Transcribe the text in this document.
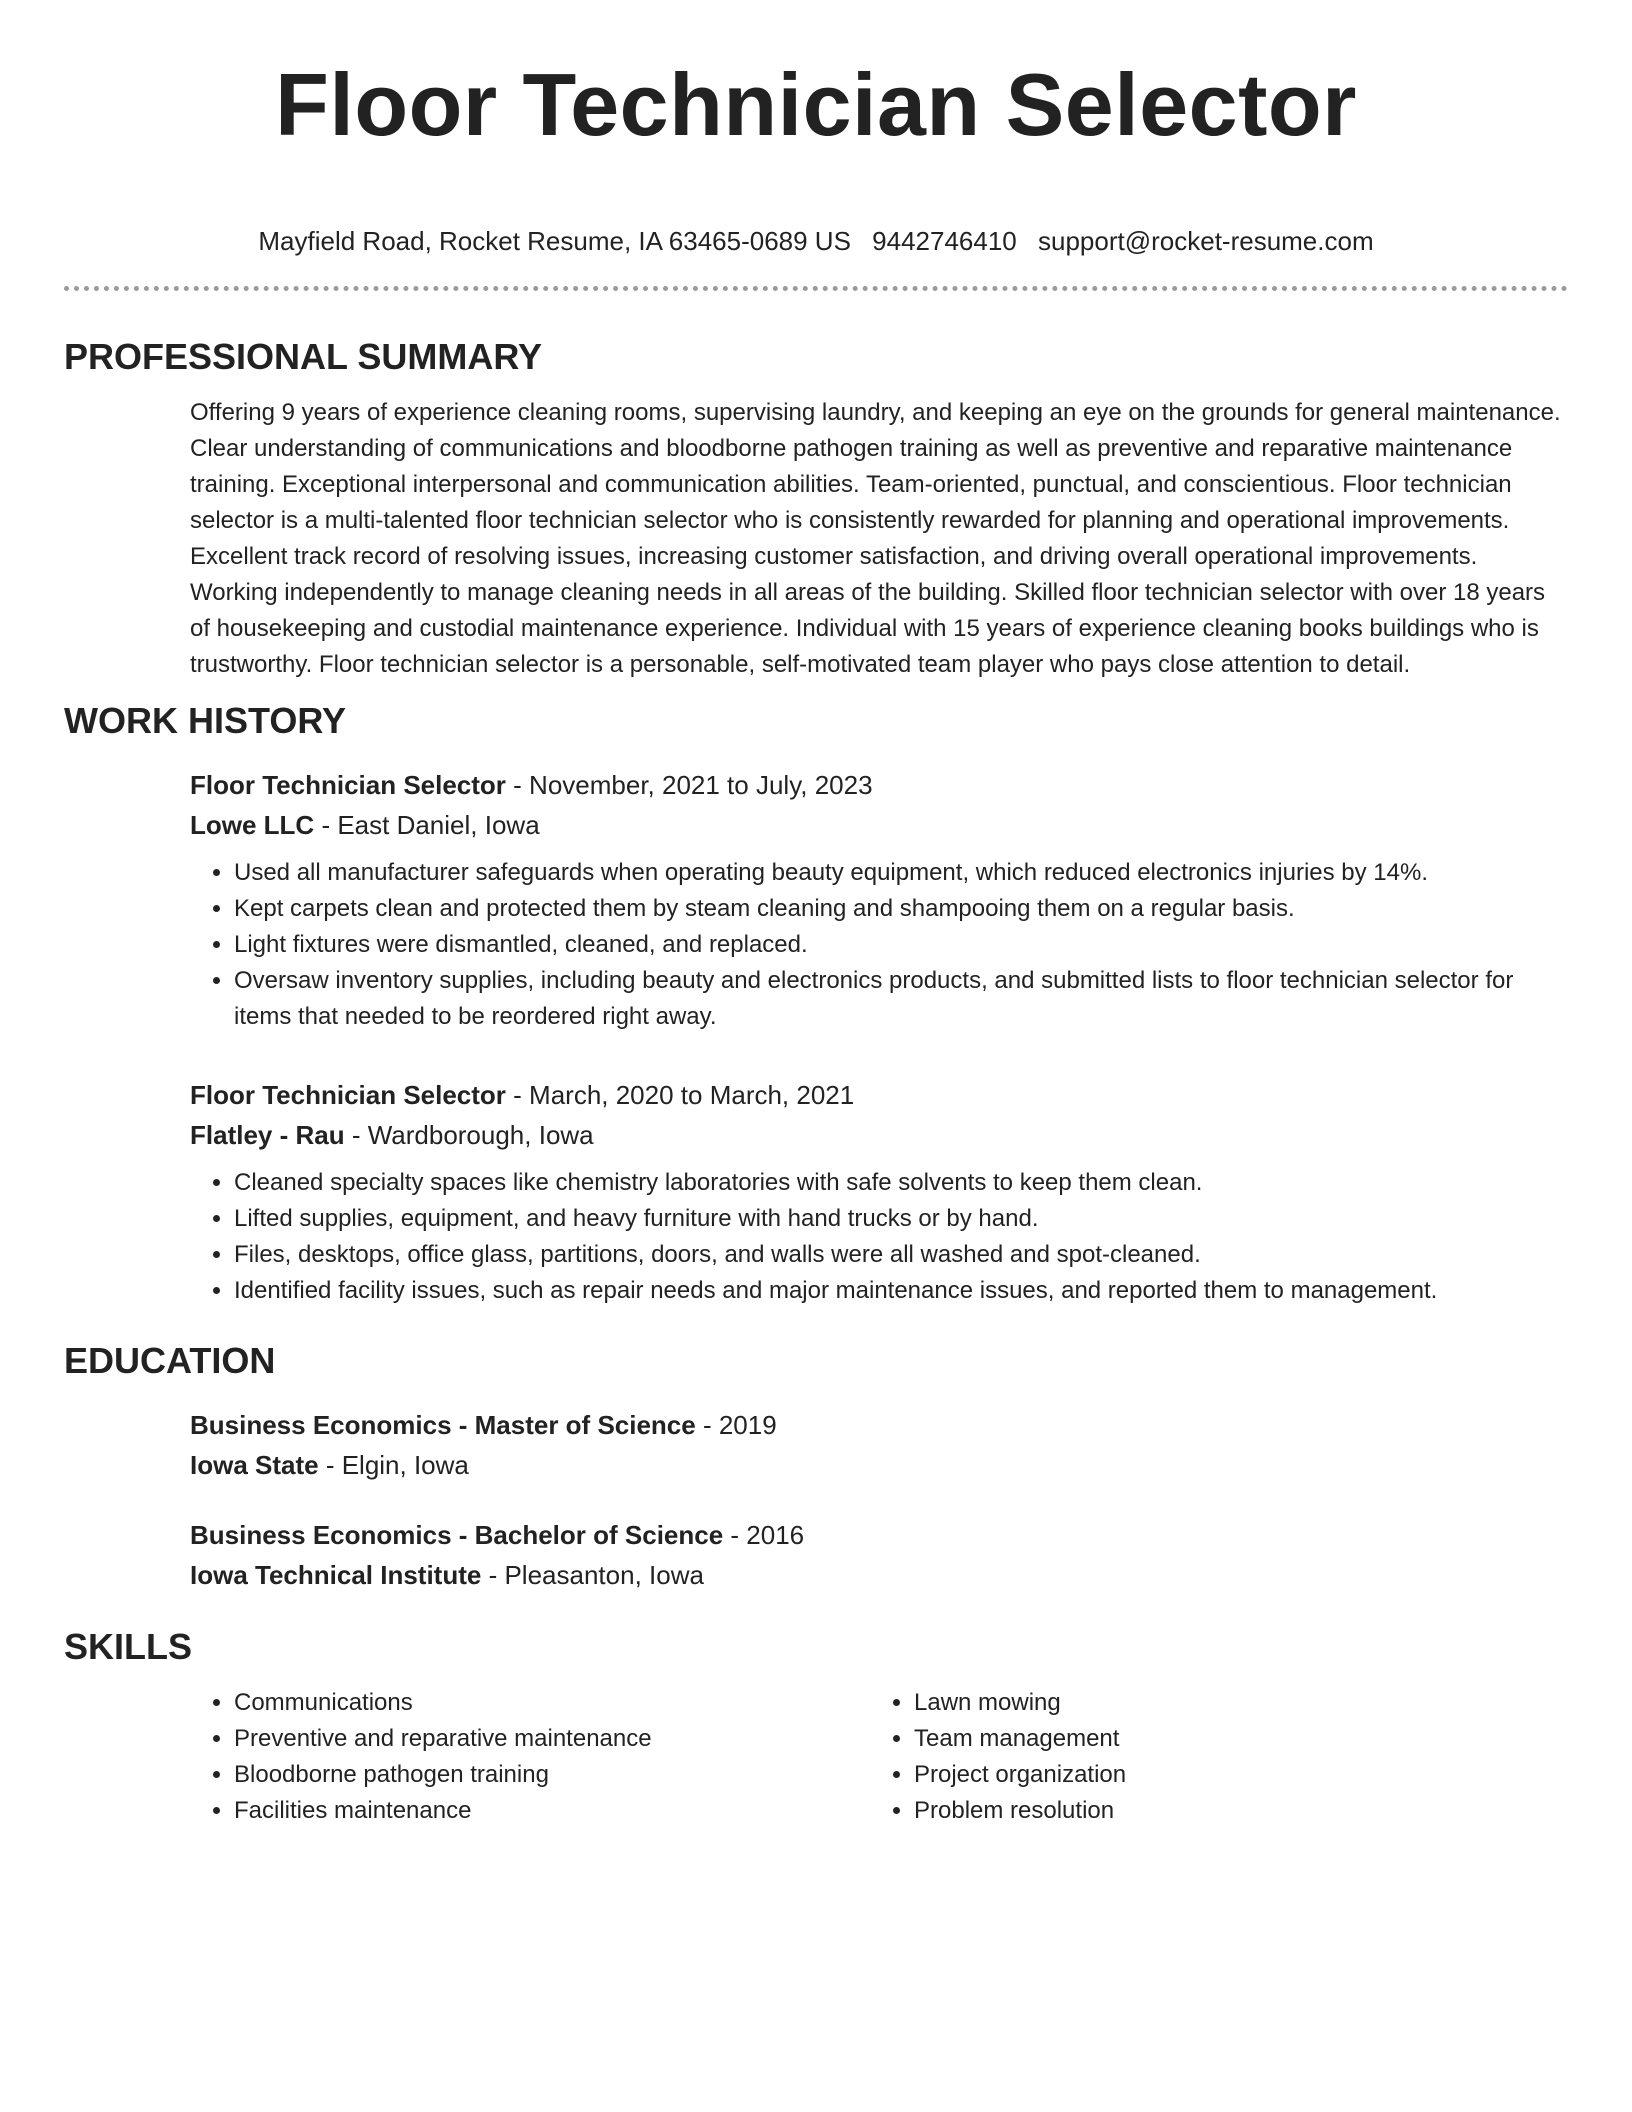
Floor Technician Selector
Mayfield Road, Rocket Resume, IA 63465-0689 US 9442746410 support@rocket-resume.com
PROFESSIONAL SUMMARY
Offering 9 years of experience cleaning rooms, supervising laundry, and keeping an eye on the grounds for general maintenance. Clear understanding of communications and bloodborne pathogen training as well as preventive and reparative maintenance training. Exceptional interpersonal and communication abilities. Team-oriented, punctual, and conscientious. Floor technician selector is a multi-talented floor technician selector who is consistently rewarded for planning and operational improvements. Excellent track record of resolving issues, increasing customer satisfaction, and driving overall operational improvements. Working independently to manage cleaning needs in all areas of the building. Skilled floor technician selector with over 18 years of housekeeping and custodial maintenance experience. Individual with 15 years of experience cleaning books buildings who is trustworthy. Floor technician selector is a personable, self-motivated team player who pays close attention to detail.
WORK HISTORY
Floor Technician Selector - November, 2021 to July, 2023
Lowe LLC - East Daniel, Iowa
• Used all manufacturer safeguards when operating beauty equipment, which reduced electronics injuries by 14%.
• Kept carpets clean and protected them by steam cleaning and shampooing them on a regular basis.
• Light fixtures were dismantled, cleaned, and replaced.
• Oversaw inventory supplies, including beauty and electronics products, and submitted lists to floor technician selector for items that needed to be reordered right away.
Floor Technician Selector - March, 2020 to March, 2021
Flatley - Rau - Wardborough, Iowa
• Cleaned specialty spaces like chemistry laboratories with safe solvents to keep them clean.
• Lifted supplies, equipment, and heavy furniture with hand trucks or by hand.
• Files, desktops, office glass, partitions, doors, and walls were all washed and spot-cleaned.
• Identified facility issues, such as repair needs and major maintenance issues, and reported them to management.
EDUCATION
Business Economics - Master of Science - 2019
Iowa State - Elgin, Iowa
Business Economics - Bachelor of Science - 2016
Iowa Technical Institute - Pleasanton, Iowa
SKILLS
• Communications
• Preventive and reparative maintenance
• Bloodborne pathogen training
• Facilities maintenance
• Lawn mowing
• Team management
• Project organization
• Problem resolution
